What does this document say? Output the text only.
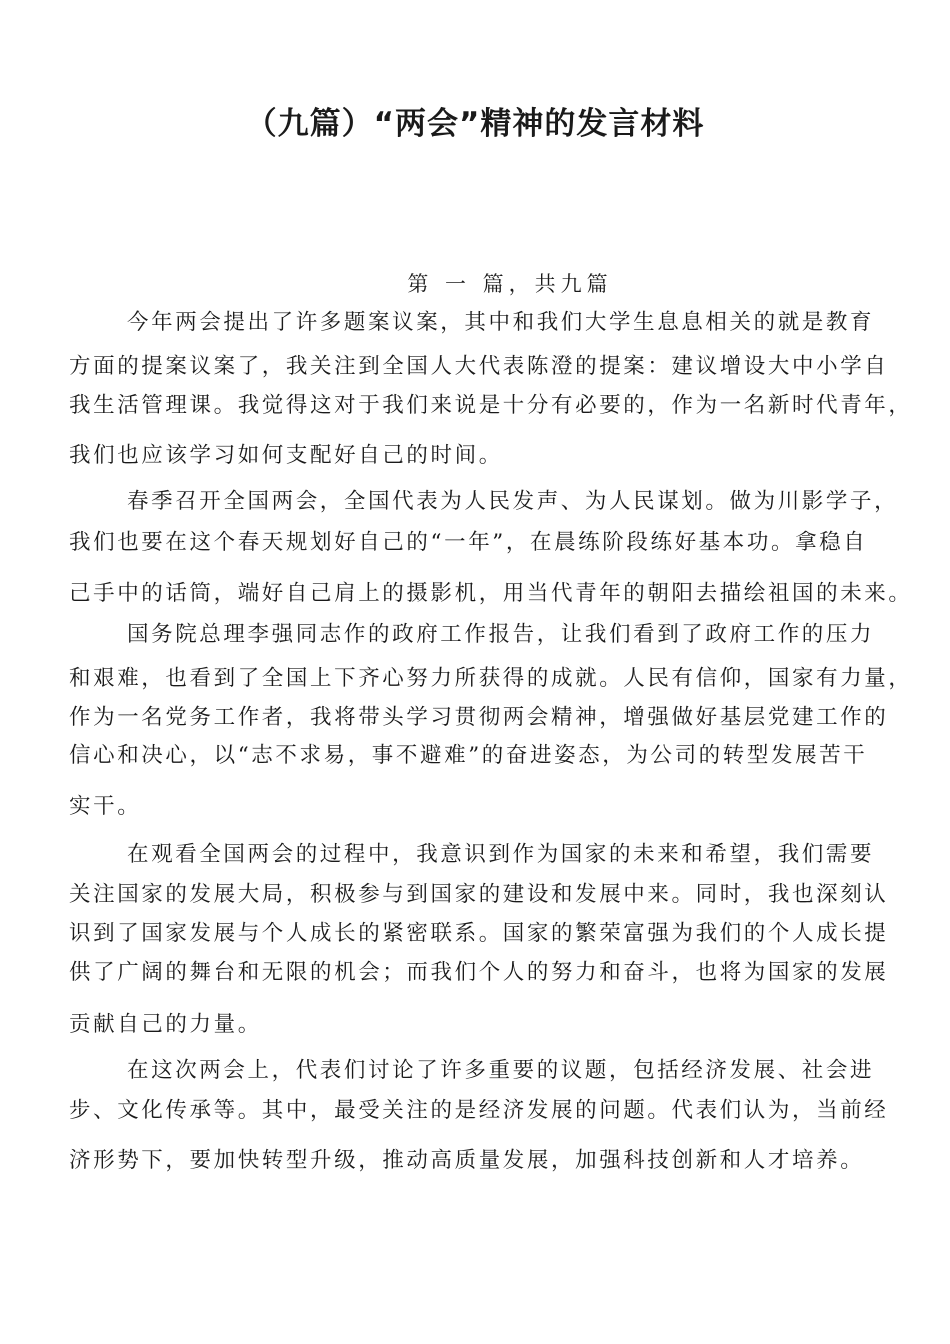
（九篇）“两会”精神的发言材料
第 一 篇，共九篇
今年两会提出了许多题案议案，其中和我们大学生息息相关的就是教育
方面的提案议案了，我关注到全国人大代表陈澄的提案：建议增设大中小学自
我生活管理课。我觉得这对于我们来说是十分有必要的，作为一名新时代青年，
我们也应该学习如何支配好自己的时间。
春季召开全国两会，全国代表为人民发声、为人民谋划。做为川影学子，
我们也要在这个春天规划好自己的“一年”，在晨练阶段练好基本功。拿稳自
己手中的话筒，端好自己肩上的摄影机，用当代青年的朝阳去描绘祖国的未来。
国务院总理李强同志作的政府工作报告，让我们看到了政府工作的压力
和艰难，也看到了全国上下齐心努力所获得的成就。人民有信仰，国家有力量，
作为一名党务工作者，我将带头学习贯彻两会精神，增强做好基层党建工作的
信心和决心，以“志不求易，事不避难”的奋进姿态，为公司的转型发展苦干
实干。
在观看全国两会的过程中，我意识到作为国家的未来和希望，我们需要
关注国家的发展大局，积极参与到国家的建设和发展中来。同时，我也深刻认
识到了国家发展与个人成长的紧密联系。国家的繁荣富强为我们的个人成长提
供了广阔的舞台和无限的机会；而我们个人的努力和奋斗，也将为国家的发展
贡献自己的力量。
在这次两会上，代表们讨论了许多重要的议题，包括经济发展、社会进
步、文化传承等。其中，最受关注的是经济发展的问题。代表们认为，当前经
济形势下，要加快转型升级，推动高质量发展，加强科技创新和人才培养。
